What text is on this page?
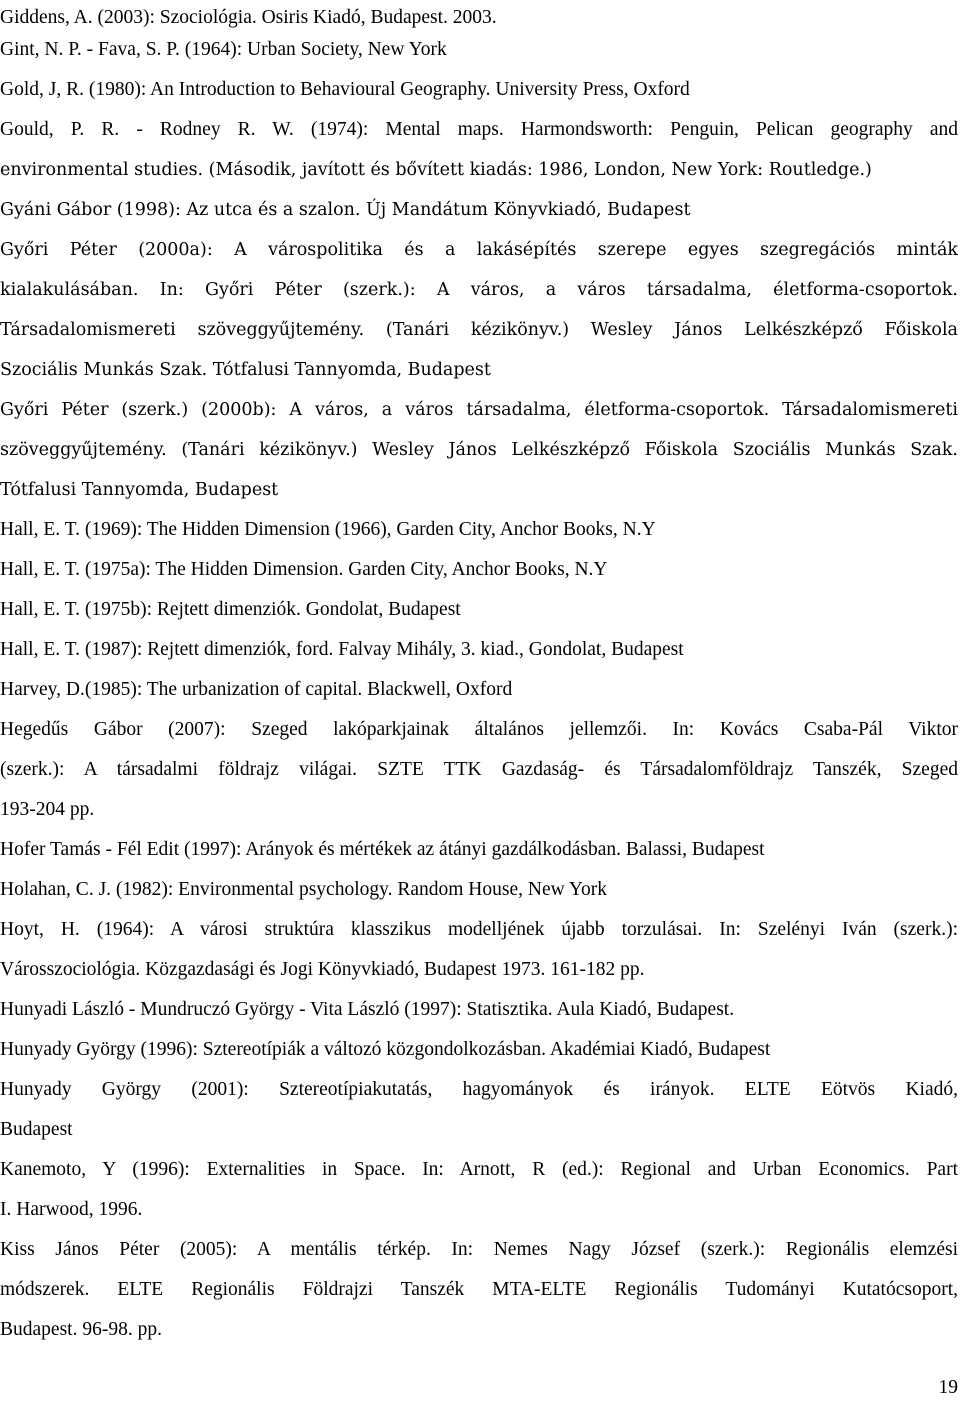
Giddens, A. (2003): Szociológia. Osiris Kiadó, Budapest. 2003.
Gint, N. P. - Fava, S. P. (1964): Urban Society, New York
Gold, J, R. (1980): An Introduction to Behavioural Geography. University Press, Oxford
Gould, P. R. - Rodney R. W. (1974): Mental maps. Harmondsworth: Penguin, Pelican geography and
environmental studies. (Második, javított és bővített kiadás: 1986, London, New York: Routledge.)
Gyáni Gábor (1998): Az utca és a szalon. Új Mandátum Könyvkiadó, Budapest
Győri Péter (2000a): A várospolitika és a lakásépítés szerepe egyes szegregációs minták
kialakulásában. In: Győri Péter (szerk.): A város, a város társadalma, életforma-csoportok.
Társadalomismereti szöveggyűjtemény. (Tanári kézikönyv.) Wesley János Lelkészképző Főiskola
Szociális Munkás Szak. Tótfalusi Tannyomda, Budapest
Győri Péter (szerk.) (2000b): A város, a város társadalma, életforma-csoportok. Társadalomismereti
szöveggyűjtemény. (Tanári kézikönyv.) Wesley János Lelkészképző Főiskola Szociális Munkás Szak.
Tótfalusi Tannyomda, Budapest
Hall, E. T. (1969): The Hidden Dimension (1966), Garden City, Anchor Books, N.Y
Hall, E. T. (1975a): The Hidden Dimension. Garden City, Anchor Books, N.Y
Hall, E. T. (1975b): Rejtett dimenziók. Gondolat, Budapest
Hall, E. T. (1987): Rejtett dimenziók, ford. Falvay Mihály, 3. kiad., Gondolat, Budapest
Harvey, D.(1985): The urbanization of capital. Blackwell, Oxford
Hegedűs Gábor (2007): Szeged lakóparkjainak általános jellemzői. In: Kovács Csaba-Pál Viktor
(szerk.): A társadalmi földrajz világai. SZTE TTK Gazdaság- és Társadalomföldrajz Tanszék, Szeged
193-204 pp.
Hofer Tamás - Fél Edit (1997): Arányok és mértékek az átányi gazdálkodásban. Balassi, Budapest
Holahan, C. J. (1982): Environmental psychology. Random House, New York
Hoyt, H. (1964): A városi struktúra klasszikus modelljének újabb torzulásai. In: Szelényi Iván (szerk.):
Városszociológia. Közgazdasági és Jogi Könyvkiadó, Budapest 1973. 161-182 pp.
Hunyadi László - Mundruczó György - Vita László (1997): Statisztika. Aula Kiadó, Budapest.
Hunyady György (1996): Sztereotípiák a változó közgondolkozásban. Akadémiai Kiadó, Budapest
Hunyady György (2001): Sztereotípiakutatás, hagyományok és irányok. ELTE Eötvös Kiadó,
Budapest
Kanemoto, Y (1996): Externalities in Space. In: Arnott, R (ed.): Regional and Urban Economics. Part
I. Harwood, 1996.
Kiss János Péter (2005): A mentális térkép. In: Nemes Nagy József (szerk.): Regionális elemzési
módszerek. ELTE Regionális Földrajzi Tanszék MTA-ELTE Regionális Tudományi Kutatócsoport,
Budapest. 96-98. pp.
19
